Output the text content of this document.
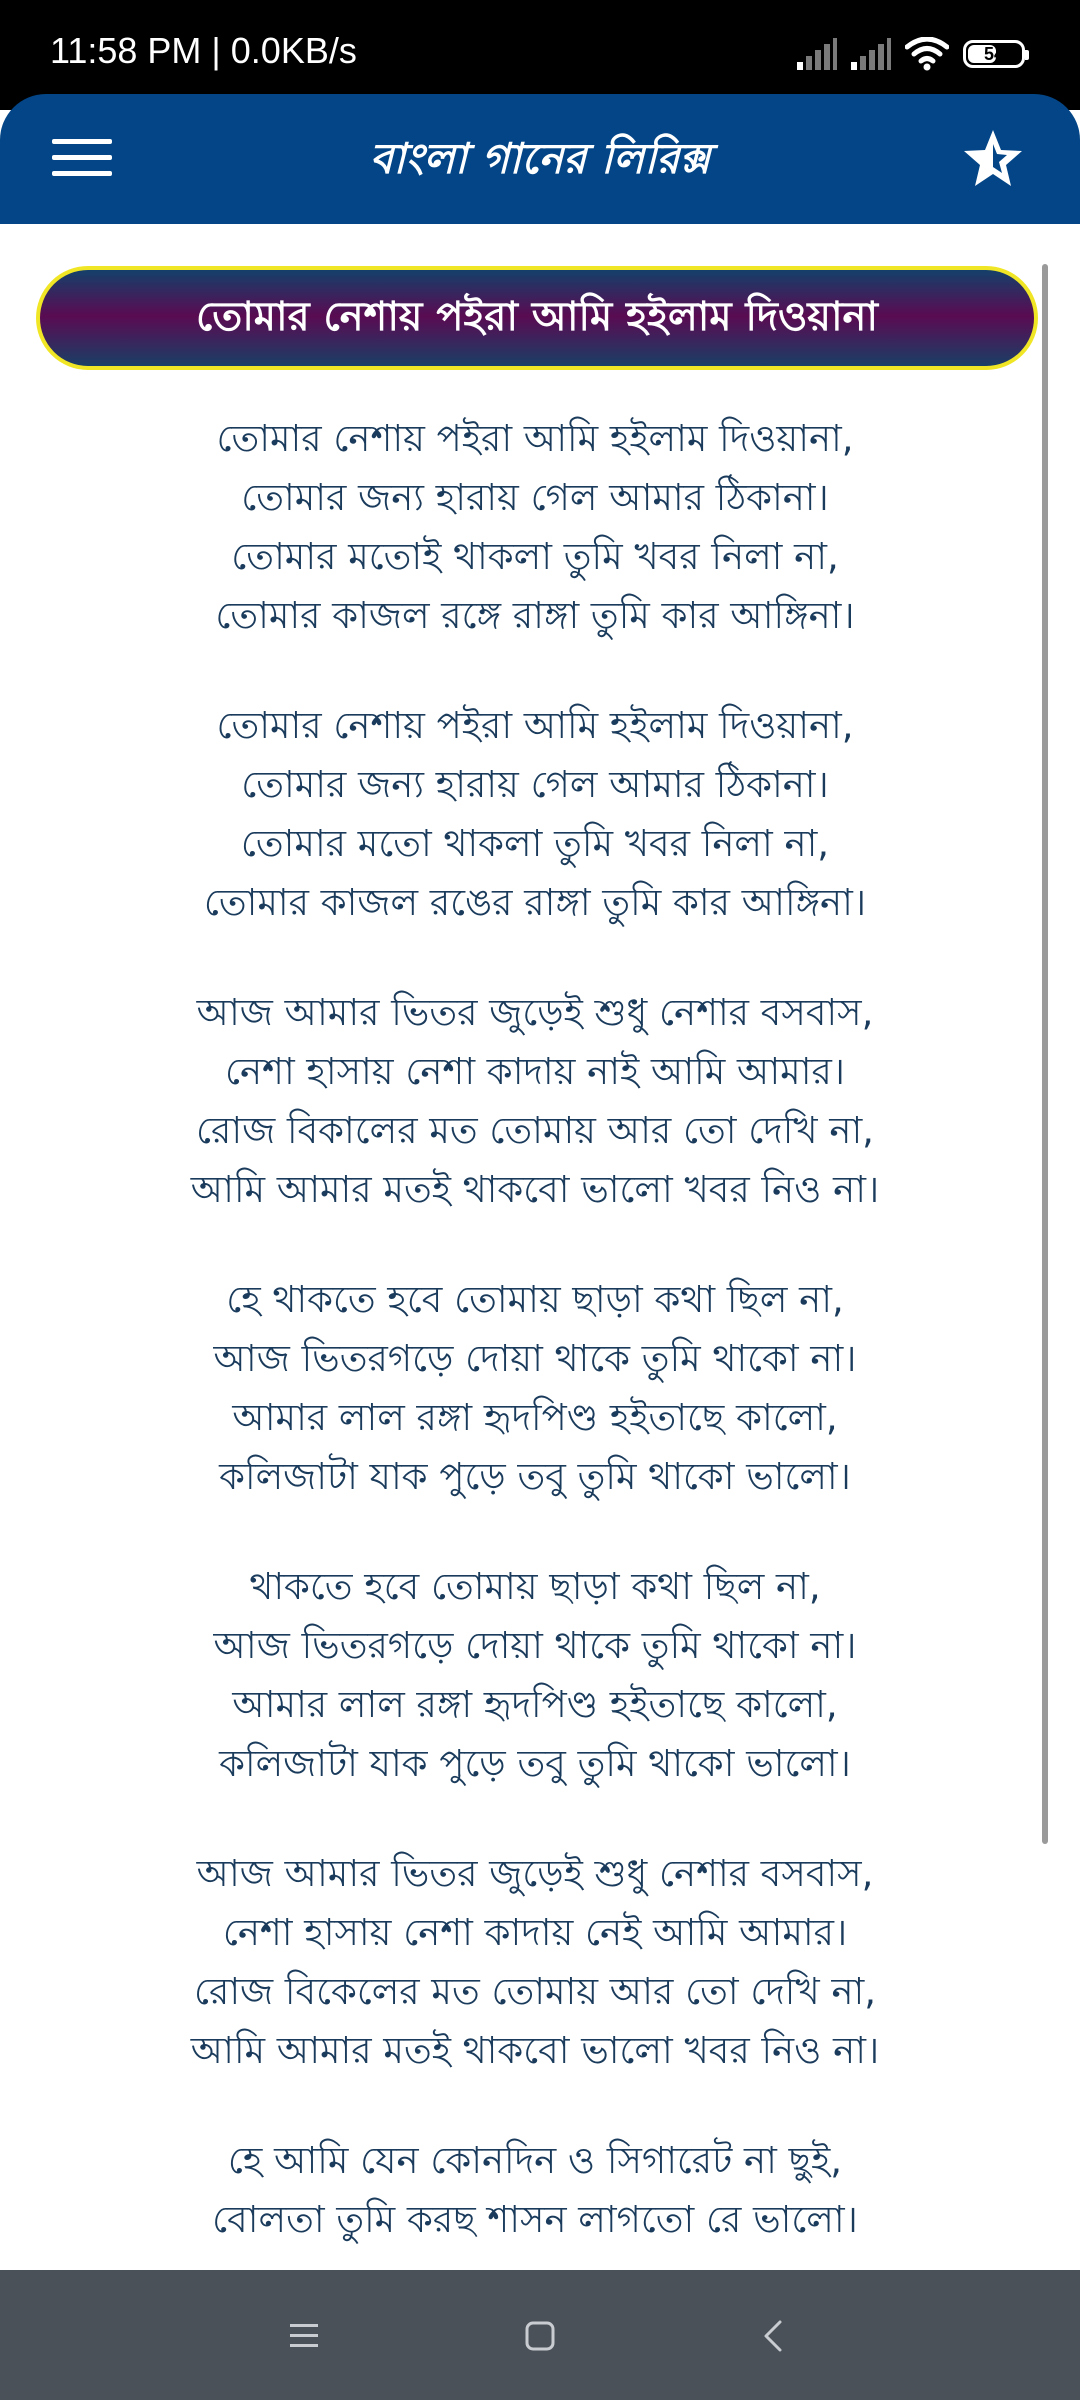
11:58 PM | 0.0KB/s	54
বাংলা গানের লিরিক্স
তোমার নেশায় পইরা আমি হইলাম দিওয়ানা
তোমার নেশায় পইরা আমি হইলাম দিওয়ানা,
তোমার জন্য হারায় গেল আমার ঠিকানা।
তোমার মতোই থাকলা তুমি খবর নিলা না,
তোমার কাজল রঙ্গে রাঙ্গা তুমি কার আঙ্গিনা।
তোমার নেশায় পইরা আমি হইলাম দিওয়ানা,
তোমার জন্য হারায় গেল আমার ঠিকানা।
তোমার মতো থাকলা তুমি খবর নিলা না,
তোমার কাজল রঙের রাঙ্গা তুমি কার আঙ্গিনা।
আজ আমার ভিতর জুড়েই শুধু নেশার বসবাস,
নেশা হাসায় নেশা কাদায় নাই আমি আমার।
রোজ বিকালের মত তোমায় আর তো দেখি না,
আমি আমার মতই থাকবো ভালো খবর নিও না।
হে থাকতে হবে তোমায় ছাড়া কথা ছিল না,
আজ ভিতরগড়ে দোয়া থাকে তুমি থাকো না।
আমার লাল রঙ্গা হৃদপিণ্ড হইতাছে কালো,
কলিজাটা যাক পুড়ে তবু তুমি থাকো ভালো।
থাকতে হবে তোমায় ছাড়া কথা ছিল না,
আজ ভিতরগড়ে দোয়া থাকে তুমি থাকো না।
আমার লাল রঙ্গা হৃদপিণ্ড হইতাছে কালো,
কলিজাটা যাক পুড়ে তবু তুমি থাকো ভালো।
আজ আমার ভিতর জুড়েই শুধু নেশার বসবাস,
নেশা হাসায় নেশা কাদায় নেই আমি আমার।
রোজ বিকেলের মত তোমায় আর তো দেখি না,
আমি আমার মতই থাকবো ভালো খবর নিও না।
হে আমি যেন কোনদিন ও সিগারেট না ছুই,
বোলতা তুমি করছ শাসন লাগতো রে ভালো।
